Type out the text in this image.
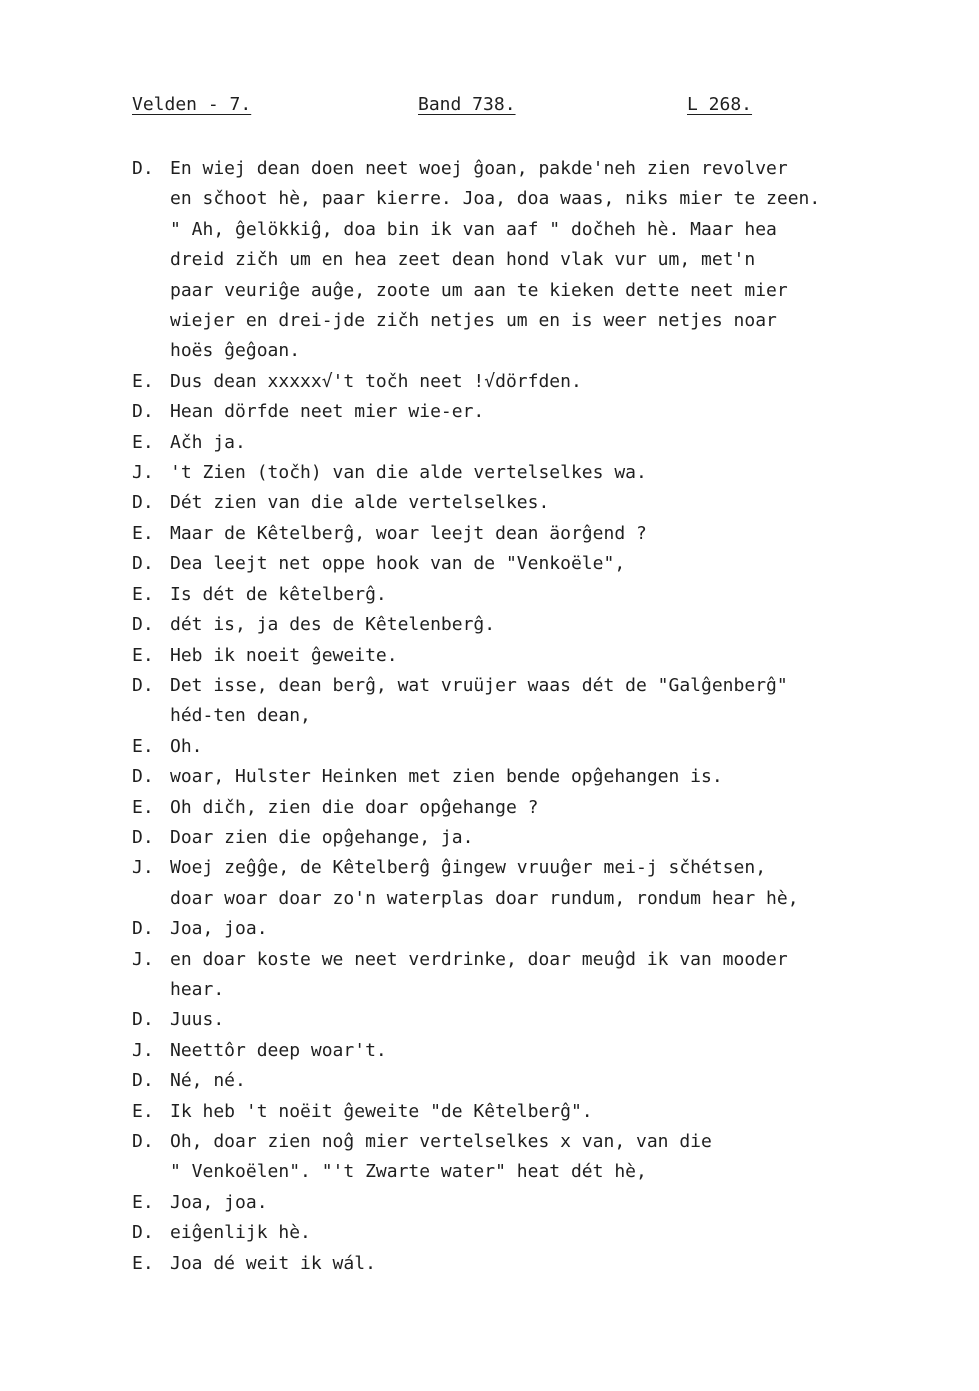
Velden - 7.	Band 738.	L 268.
D. En wiej dean doen neet woej ĝoan, pakde'neh zien revolver
en sčhoot hè, paar kierre. Joa, doa waas, niks mier te zeen.
" Ah, ĝelökkiĝ, doa bin ik van aaf " dočheh hè. Maar hea
dreid zičh um en hea zeet dean hond vlak vur um, met'n
paar veuriĝe auĝe, zoote um aan te kieken dette neet mier
wiejer en drei-jde zičh netjes um en is weer netjes noar
hoës ĝeĝoan.
E. Dus dean xxxxx√'t točh neet !√dörfden.
D. Hean dörfde neet mier wie-er.
E. Ačh ja.
J. 't Zien (točh) van die alde vertelselkes wa.
D. Dét zien van die alde vertelselkes.
E. Maar de Kêtelberĝ, woar leejt dean äorĝend ?
D. Dea leejt net oppe hook van de "Venkoële",
E. Is dét de kêtelberĝ.
D. dét is, ja des de Kêtelenberĝ.
E. Heb ik noeit ĝeweite.
D. Det isse, dean berĝ, wat vruüjer waas dét de "Galĝenberĝ"
héd-ten dean,
E. Oh.
D. woar, Hulster Heinken met zien bende opĝehangen is.
E. Oh dičh, zien die doar opĝehange ?
D. Doar zien die opĝehange, ja.
J. Woej zeĝĝe, de Kêtelberĝ ĝingew vruuĝer mei-j sčhétsen,
doar woar doar zo'n waterplas doar rundum, rondum hear hè,
D. Joa, joa.
J. en doar koste we neet verdrinke, doar meuĝd ik van mooder
hear.
D. Juus.
J. Neettôr deep woar't.
D. Né, né.
E. Ik heb 't noëit ĝeweite "de Kêtelberĝ".
D. Oh, doar zien noĝ mier vertelselkes x van, van die
" Venkoëlen". "'t Zwarte water" heat dét hè,
E. Joa, joa.
D. eiĝenlijk hè.
E. Joa dé weit ik wál.
